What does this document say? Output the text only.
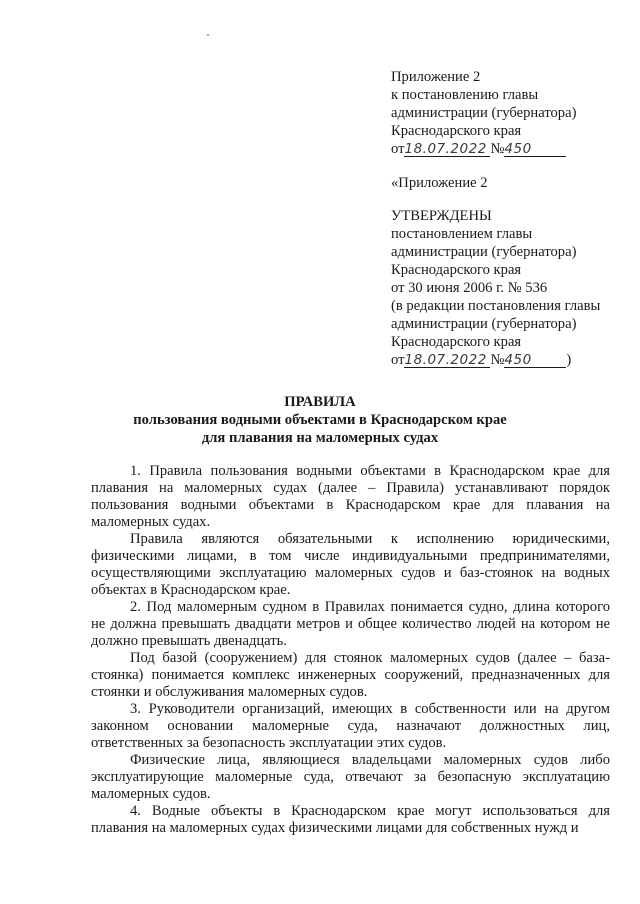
Приложение 2
к постановлению главы
администрации (губернатора)
Краснодарского края
от18.07.2022 №450
«Приложение 2
УТВЕРЖДЕНЫ
постановлением главы
администрации (губернатора)
Краснодарского края
от 30 июня 2006 г. № 536
(в редакции постановления главы
администрации (губернатора)
Краснодарского края
от18.07.2022 №450 )
ПРАВИЛА
пользования водными объектами в Краснодарском крае
для плавания на маломерных судах

1. Правила пользования водными объектами в Краснодарском крае для плавания на маломерных судах (далее – Правила) устанавливают порядок пользования водными объектами в Краснодарском крае для плавания на маломерных судах.

Правила являются обязательными к исполнению юридическими, физическими лицами, в том числе индивидуальными предпринимателями, осуществляющими эксплуатацию маломерных судов и баз-стоянок на водных объектах в Краснодарском крае.

2. Под маломерным судном в Правилах понимается судно, длина которого не должна превышать двадцати метров и общее количество людей на котором не должно превышать двенадцать.

Под базой (сооружением) для стоянок маломерных судов (далее – база-стоянка) понимается комплекс инженерных сооружений, предназначенных для стоянки и обслуживания маломерных судов.

3. Руководители организаций, имеющих в собственности или на другом законном основании маломерные суда, назначают должностных лиц, ответственных за безопасность эксплуатации этих судов.

Физические лица, являющиеся владельцами маломерных судов либо эксплуатирующие маломерные суда, отвечают за безопасную эксплуатацию маломерных судов.

4. Водные объекты в Краснодарском крае могут использоваться для плавания на маломерных судах физическими лицами для собственных нужд и
